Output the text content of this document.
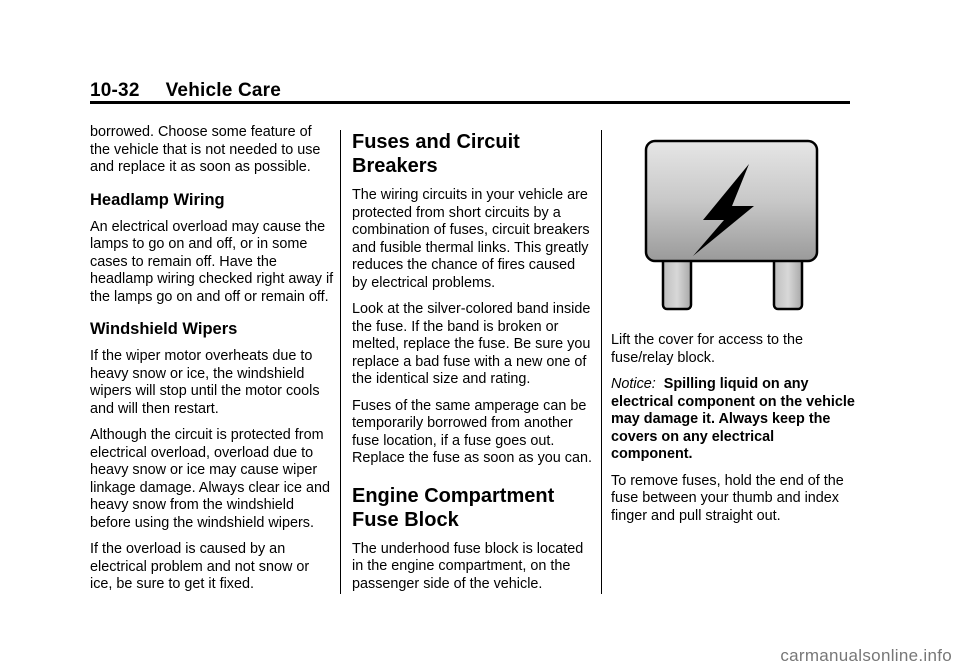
10-32 Vehicle Care

borrowed. Choose some feature of the vehicle that is not needed to use and replace it as soon as possible.

Headlamp Wiring

An electrical overload may cause the lamps to go on and off, or in some cases to remain off. Have the headlamp wiring checked right away if the lamps go on and off or remain off.

Windshield Wipers

If the wiper motor overheats due to heavy snow or ice, the windshield wipers will stop until the motor cools and will then restart.

Although the circuit is protected from electrical overload, overload due to heavy snow or ice may cause wiper linkage damage. Always clear ice and heavy snow from the windshield before using the windshield wipers.

If the overload is caused by an electrical problem and not snow or ice, be sure to get it fixed.

Fuses and Circuit Breakers

The wiring circuits in your vehicle are protected from short circuits by a combination of fuses, circuit breakers and fusible thermal links. This greatly reduces the chance of fires caused by electrical problems.

Look at the silver-colored band inside the fuse. If the band is broken or melted, replace the fuse. Be sure you replace a bad fuse with a new one of the identical size and rating.

Fuses of the same amperage can be temporarily borrowed from another fuse location, if a fuse goes out. Replace the fuse as soon as you can.

Engine Compartment Fuse Block

The underhood fuse block is located in the engine compartment, on the passenger side of the vehicle.

Lift the cover for access to the fuse/relay block.

Notice: Spilling liquid on any electrical component on the vehicle may damage it. Always keep the covers on any electrical component.

To remove fuses, hold the end of the fuse between your thumb and index finger and pull straight out.

carmanualsonline.info
